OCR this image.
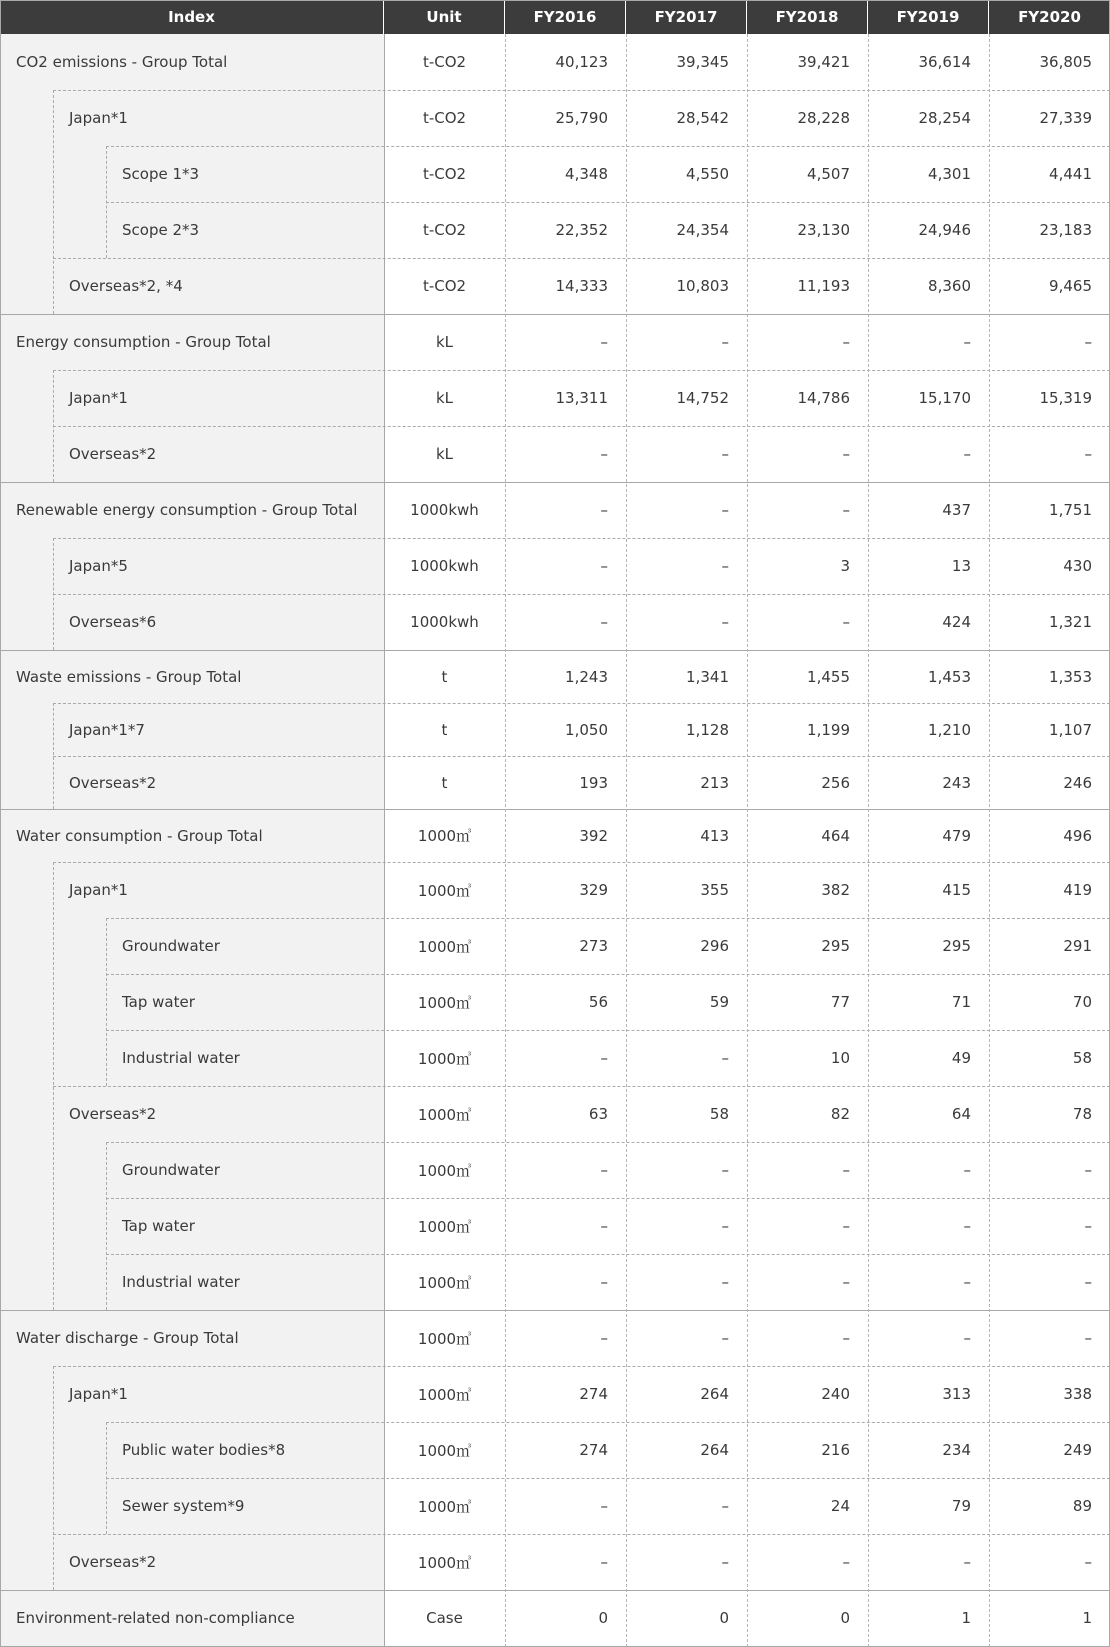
Index	Unit	FY2016	FY2017	FY2018	FY2019	FY2020
CO2 emissions - Group Total	t-CO2	40,123	39,345	39,421	36,614	36,805
Japan*1	t-CO2	25,790	28,542	28,228	28,254	27,339
Scope 1*3	t-CO2	4,348	4,550	4,507	4,301	4,441
Scope 2*3	t-CO2	22,352	24,354	23,130	24,946	23,183
Overseas*2, *4	t-CO2	14,333	10,803	11,193	8,360	9,465
Energy consumption - Group Total	kL	–	–	–	–	–
Japan*1	kL	13,311	14,752	14,786	15,170	15,319
Overseas*2	kL	–	–	–	–	–
Renewable energy consumption - Group Total	1000kwh	–	–	–	437	1,751
Japan*5	1000kwh	–	–	3	13	430
Overseas*6	1000kwh	–	–	–	424	1,321
Waste emissions - Group Total	t	1,243	1,341	1,455	1,453	1,353
Japan*1*7	t	1,050	1,128	1,199	1,210	1,107
Overseas*2	t	193	213	256	243	246
Water consumption - Group Total	1000㎥	392	413	464	479	496
Japan*1	1000㎥	329	355	382	415	419
Groundwater	1000㎥	273	296	295	295	291
Tap water	1000㎥	56	59	77	71	70
Industrial water	1000㎥	–	–	10	49	58
Overseas*2	1000㎥	63	58	82	64	78
Groundwater	1000㎥	–	–	–	–	–
Tap water	1000㎥	–	–	–	–	–
Industrial water	1000㎥	–	–	–	–	–
Water discharge - Group Total	1000㎥	–	–	–	–	–
Japan*1	1000㎥	274	264	240	313	338
Public water bodies*8	1000㎥	274	264	216	234	249
Sewer system*9	1000㎥	–	–	24	79	89
Overseas*2	1000㎥	–	–	–	–	–
Environment-related non-compliance	Case	0	0	0	1	1
